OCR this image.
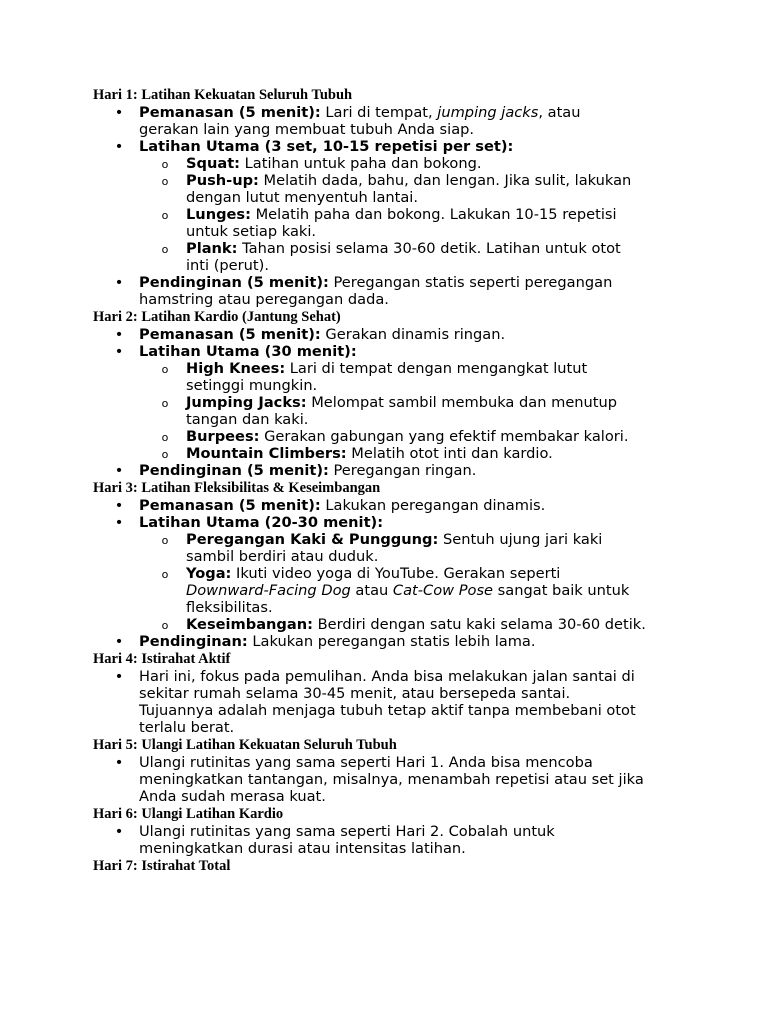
Hari 1: Latihan Kekuatan Seluruh Tubuh
• Pemanasan (5 menit): Lari di tempat, jumping jacks, atau
gerakan lain yang membuat tubuh Anda siap.
• Latihan Utama (3 set, 10-15 repetisi per set):
o Squat: Latihan untuk paha dan bokong.
o Push-up: Melatih dada, bahu, dan lengan. Jika sulit, lakukan
dengan lutut menyentuh lantai.
o Lunges: Melatih paha dan bokong. Lakukan 10-15 repetisi
untuk setiap kaki.
o Plank: Tahan posisi selama 30-60 detik. Latihan untuk otot
inti (perut).
• Pendinginan (5 menit): Peregangan statis seperti peregangan
hamstring atau peregangan dada.
Hari 2: Latihan Kardio (Jantung Sehat)
• Pemanasan (5 menit): Gerakan dinamis ringan.
• Latihan Utama (30 menit):
o High Knees: Lari di tempat dengan mengangkat lutut
setinggi mungkin.
o Jumping Jacks: Melompat sambil membuka dan menutup
tangan dan kaki.
o Burpees: Gerakan gabungan yang efektif membakar kalori.
o Mountain Climbers: Melatih otot inti dan kardio.
• Pendinginan (5 menit): Peregangan ringan.
Hari 3: Latihan Fleksibilitas & Keseimbangan
• Pemanasan (5 menit): Lakukan peregangan dinamis.
• Latihan Utama (20-30 menit):
o Peregangan Kaki & Punggung: Sentuh ujung jari kaki
sambil berdiri atau duduk.
o Yoga: Ikuti video yoga di YouTube. Gerakan seperti
Downward-Facing Dog atau Cat-Cow Pose sangat baik untuk
fleksibilitas.
o Keseimbangan: Berdiri dengan satu kaki selama 30-60 detik.
• Pendinginan: Lakukan peregangan statis lebih lama.
Hari 4: Istirahat Aktif
• Hari ini, fokus pada pemulihan. Anda bisa melakukan jalan santai di
sekitar rumah selama 30-45 menit, atau bersepeda santai.
Tujuannya adalah menjaga tubuh tetap aktif tanpa membebani otot
terlalu berat.
Hari 5: Ulangi Latihan Kekuatan Seluruh Tubuh
• Ulangi rutinitas yang sama seperti Hari 1. Anda bisa mencoba
meningkatkan tantangan, misalnya, menambah repetisi atau set jika
Anda sudah merasa kuat.
Hari 6: Ulangi Latihan Kardio
• Ulangi rutinitas yang sama seperti Hari 2. Cobalah untuk
meningkatkan durasi atau intensitas latihan.
Hari 7: Istirahat Total
